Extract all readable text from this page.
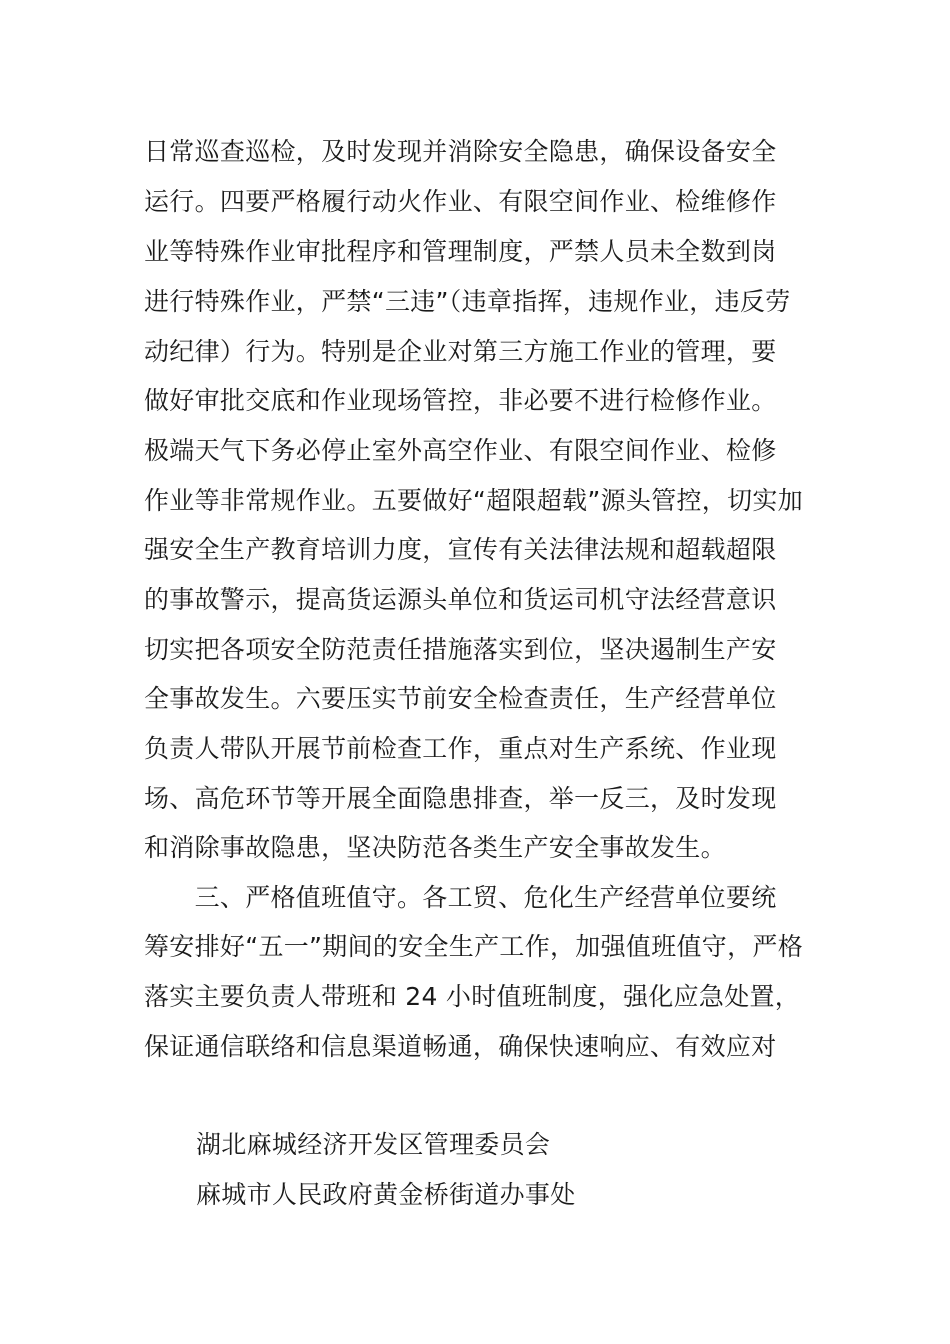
日常巡查巡检，及时发现并消除安全隐患，确保设备安全
运行。四要严格履行动火作业、有限空间作业、检维修作
业等特殊作业审批程序和管理制度，严禁人员未全数到岗
进行特殊作业，严禁“三违”（违章指挥，违规作业，违反劳
动纪律）行为。特别是企业对第三方施工作业的管理，要
做好审批交底和作业现场管控，非必要不进行检修作业。
极端天气下务必停止室外高空作业、有限空间作业、检修
作业等非常规作业。五要做好“超限超载”源头管控，切实加
强安全生产教育培训力度，宣传有关法律法规和超载超限
的事故警示，提高货运源头单位和货运司机守法经营意识
切实把各项安全防范责任措施落实到位，坚决遏制生产安
全事故发生。六要压实节前安全检查责任，生产经营单位
负责人带队开展节前检查工作，重点对生产系统、作业现
场、高危环节等开展全面隐患排查，举一反三，及时发现
和消除事故隐患，坚决防范各类生产安全事故发生。
　　三、严格值班值守。各工贸、危化生产经营单位要统
筹安排好“五一”期间的安全生产工作，加强值班值守，严格
落实主要负责人带班和 24 小时值班制度，强化应急处置，
保证通信联络和信息渠道畅通，确保快速响应、有效应对
湖北麻城经济开发区管理委员会
麻城市人民政府黄金桥街道办事处
